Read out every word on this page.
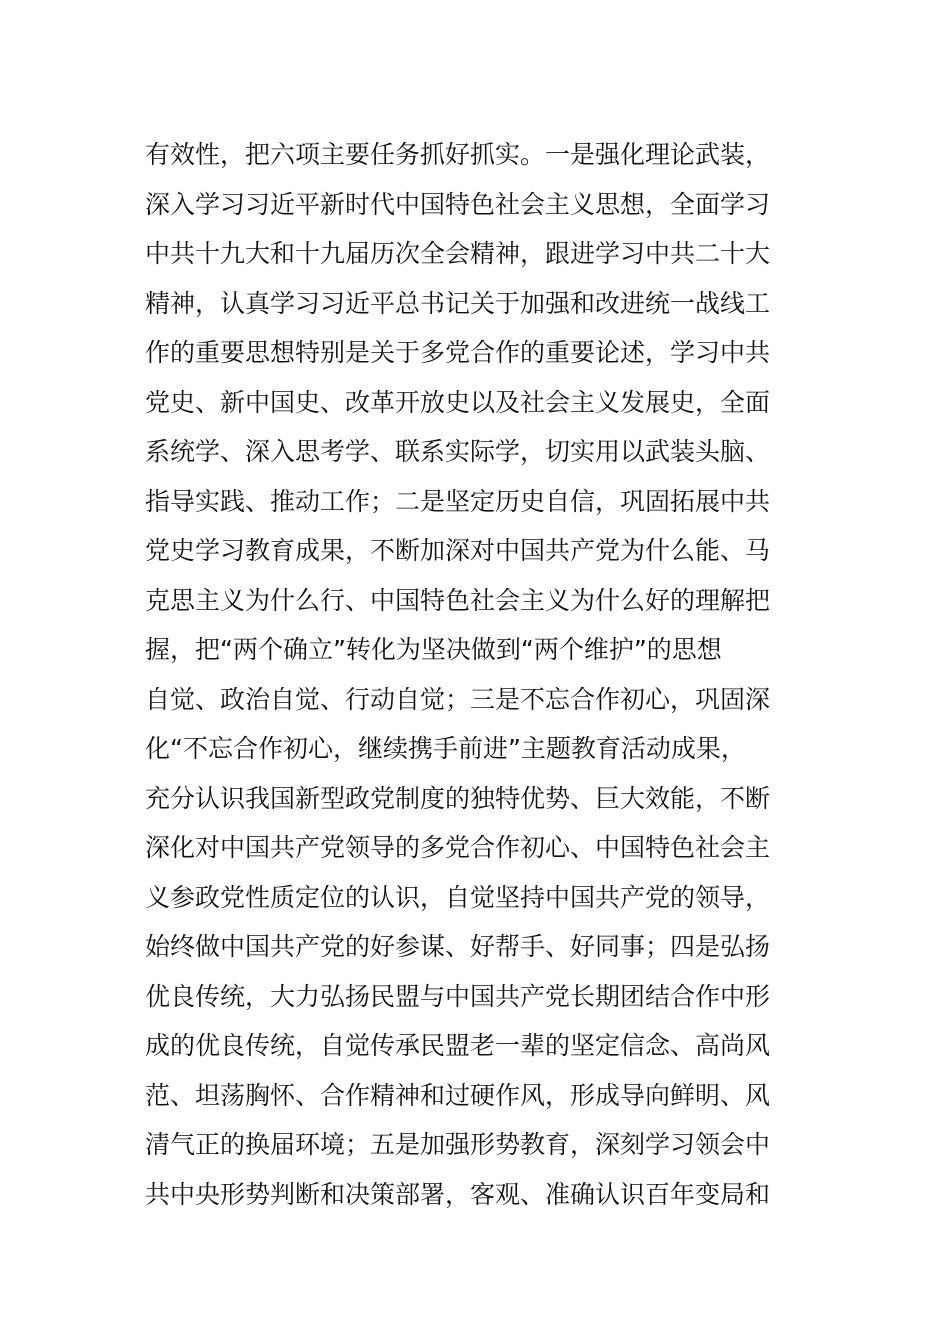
有效性，把六项主要任务抓好抓实。一是强化理论武装，
深入学习习近平新时代中国特色社会主义思想，全面学习
中共十九大和十九届历次全会精神，跟进学习中共二十大
精神，认真学习习近平总书记关于加强和改进统一战线工
作的重要思想特别是关于多党合作的重要论述，学习中共
党史、新中国史、改革开放史以及社会主义发展史，全面
系统学、深入思考学、联系实际学，切实用以武装头脑、
指导实践、推动工作；二是坚定历史自信，巩固拓展中共
党史学习教育成果，不断加深对中国共产党为什么能、马
克思主义为什么行、中国特色社会主义为什么好的理解把
握，把“两个确立”转化为坚决做到“两个维护”的思想
自觉、政治自觉、行动自觉；三是不忘合作初心，巩固深
化“不忘合作初心，继续携手前进”主题教育活动成果，
充分认识我国新型政党制度的独特优势、巨大效能，不断
深化对中国共产党领导的多党合作初心、中国特色社会主
义参政党性质定位的认识，自觉坚持中国共产党的领导，
始终做中国共产党的好参谋、好帮手、好同事；四是弘扬
优良传统，大力弘扬民盟与中国共产党长期团结合作中形
成的优良传统，自觉传承民盟老一辈的坚定信念、高尚风
范、坦荡胸怀、合作精神和过硬作风，形成导向鲜明、风
清气正的换届环境；五是加强形势教育，深刻学习领会中
共中央形势判断和决策部署，客观、准确认识百年变局和
